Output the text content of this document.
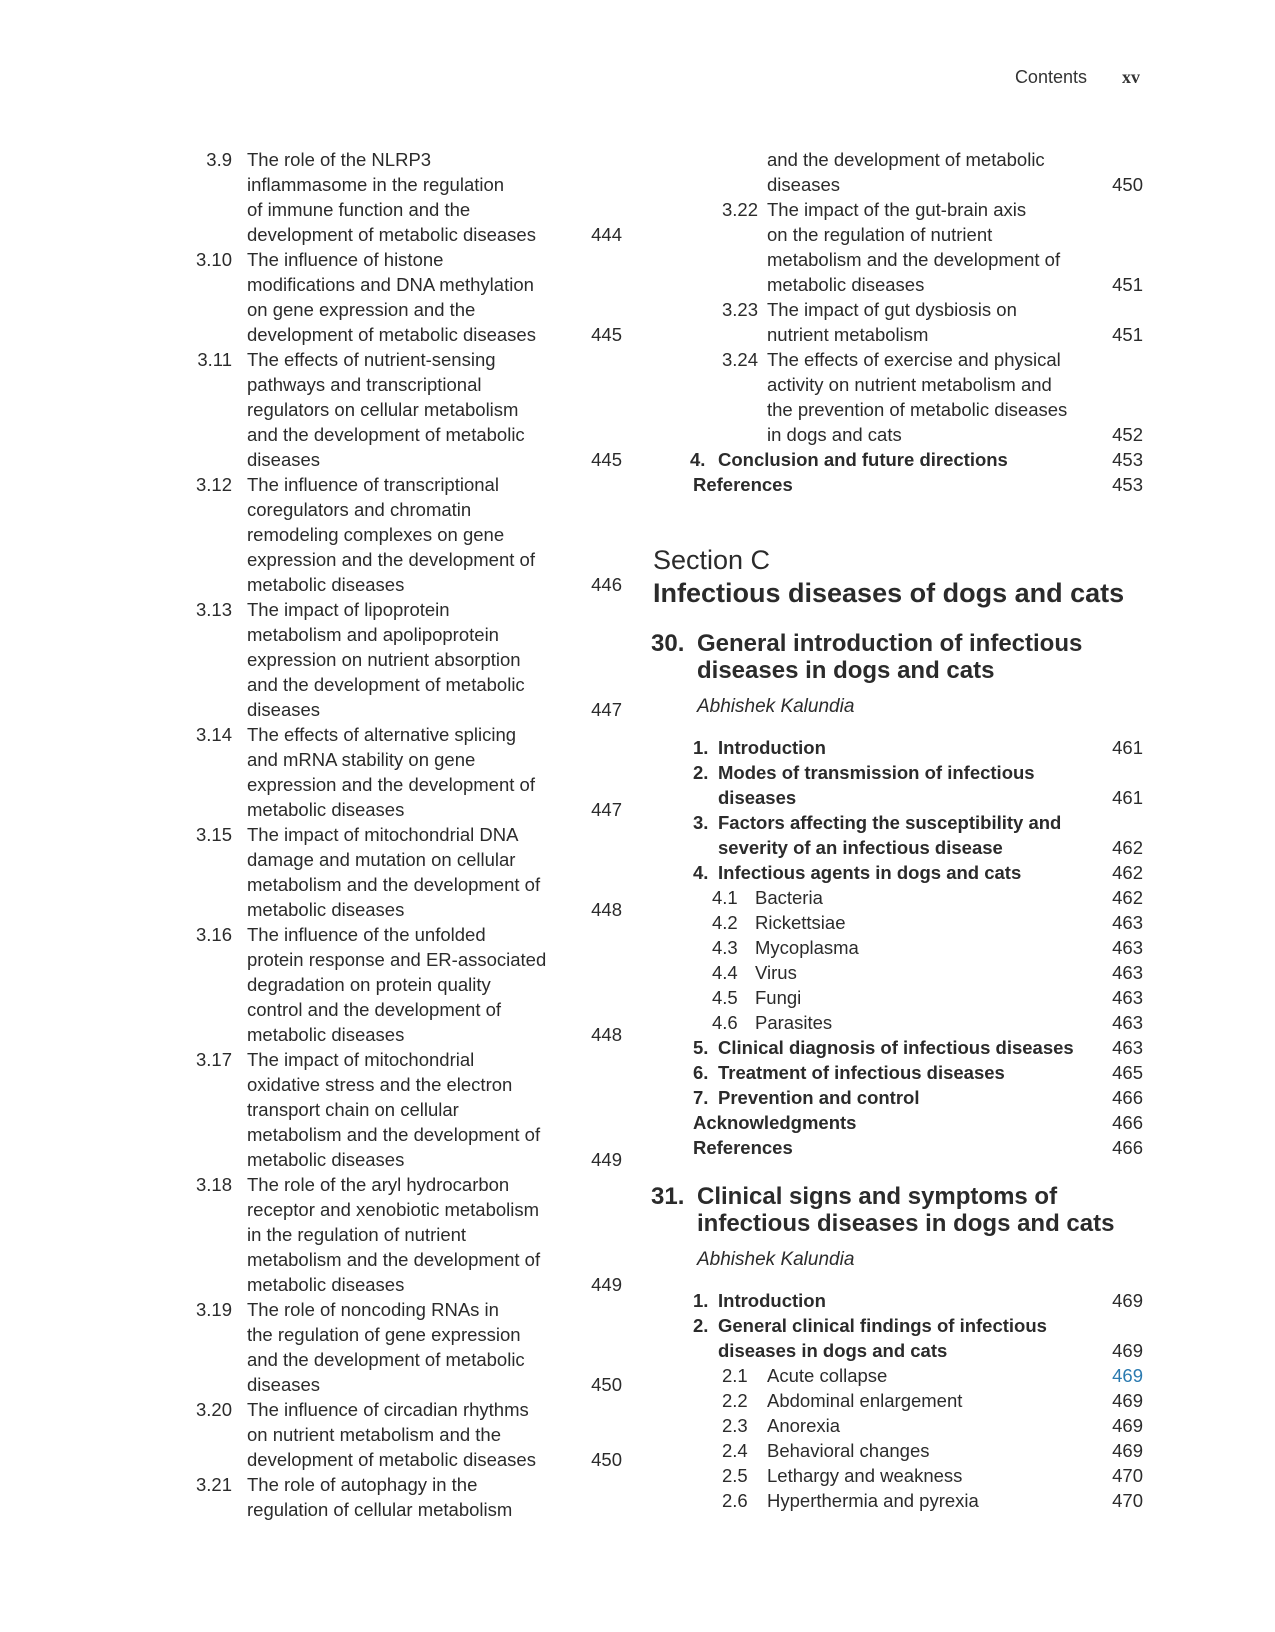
Contents xv
Section C
Infectious diseases of dogs and cats
3.9 The role of the NLRP3
inflammasome in the regulation
of immune function and the
development of metabolic diseases	444
3.10 The influence of histone
modifications and DNA methylation
on gene expression and the
development of metabolic diseases	445
3.11 The effects of nutrient-sensing
pathways and transcriptional
regulators on cellular metabolism
and the development of metabolic
diseases	445
3.12 The influence of transcriptional
coregulators and chromatin
remodeling complexes on gene
expression and the development of
metabolic diseases	446
3.13 The impact of lipoprotein
metabolism and apolipoprotein
expression on nutrient absorption
and the development of metabolic
diseases	447
3.14 The effects of alternative splicing
and mRNA stability on gene
expression and the development of
metabolic diseases	447
3.15 The impact of mitochondrial DNA
damage and mutation on cellular
metabolism and the development of
metabolic diseases	448
3.16 The influence of the unfolded
protein response and ER-associated
degradation on protein quality
control and the development of
metabolic diseases	448
3.17 The impact of mitochondrial
oxidative stress and the electron
transport chain on cellular
metabolism and the development of
metabolic diseases	449
3.18 The role of the aryl hydrocarbon
receptor and xenobiotic metabolism
in the regulation of nutrient
metabolism and the development of
metabolic diseases	449
3.19 The role of noncoding RNAs in
the regulation of gene expression
and the development of metabolic
diseases	450
3.20 The influence of circadian rhythms
on nutrient metabolism and the
development of metabolic diseases	450
3.21 The role of autophagy in the
regulation of cellular metabolism
and the development of metabolic
diseases	450
3.22 The impact of the gut-brain axis
on the regulation of nutrient
metabolism and the development of
metabolic diseases	451
3.23 The impact of gut dysbiosis on
nutrient metabolism	451
3.24 The effects of exercise and physical
activity on nutrient metabolism and
the prevention of metabolic diseases
in dogs and cats	452
4. Conclusion and future directions	453
References	453
30. General introduction of infectious
diseases in dogs and cats
Abhishek Kalundia
1. Introduction	461
2. Modes of transmission of infectious
diseases	461
3. Factors affecting the susceptibility and
severity of an infectious disease	462
4. Infectious agents in dogs and cats	462
4.1 Bacteria	462
4.2 Rickettsiae	463
4.3 Mycoplasma	463
4.4 Virus	463
4.5 Fungi	463
4.6 Parasites	463
5. Clinical diagnosis of infectious diseases	463
6. Treatment of infectious diseases	465
7. Prevention and control	466
Acknowledgments	466
References	466
31. Clinical signs and symptoms of
infectious diseases in dogs and cats
Abhishek Kalundia
1. Introduction	469
2. General clinical findings of infectious
diseases in dogs and cats	469
2.1	Acute collapse	469
2.2	Abdominal enlargement	469
2.3	Anorexia	469
2.4	Behavioral changes	469
2.5	Lethargy and weakness	470
2.6	Hyperthermia and pyrexia	470
